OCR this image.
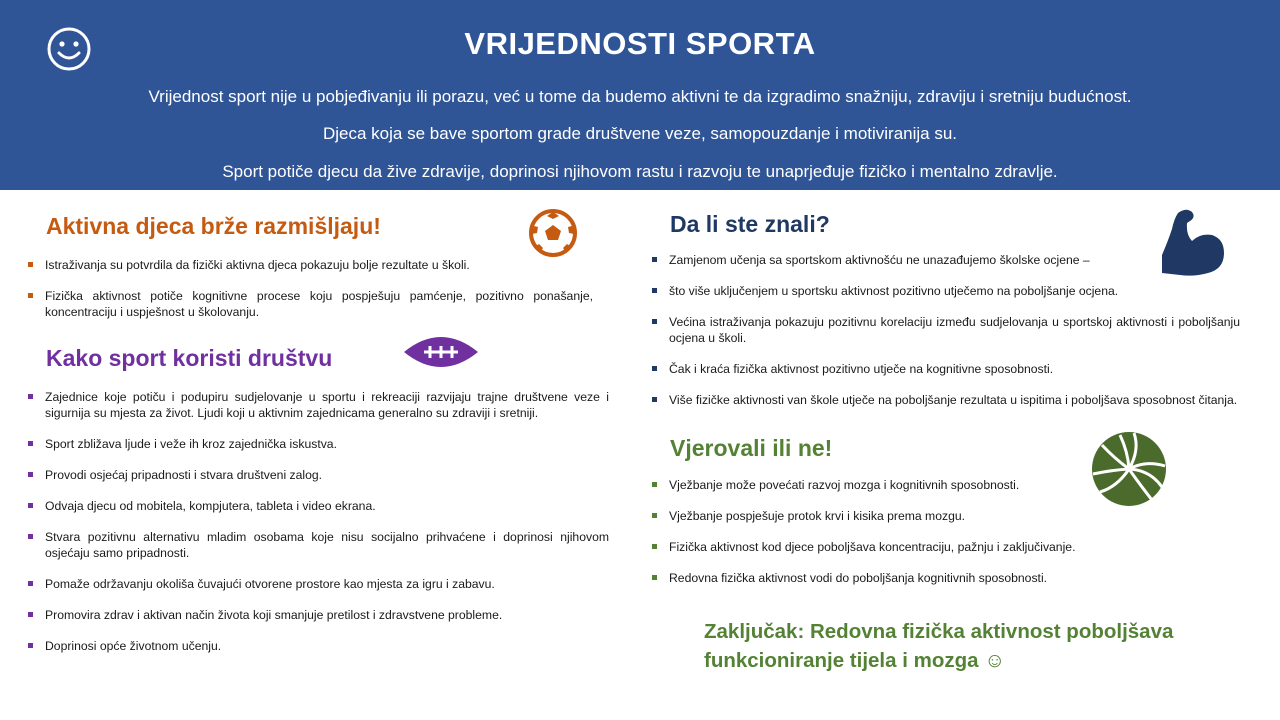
VRIJEDNOSTI SPORTA
Vrijednost sport nije u pobjeđivanju ili porazu, već u tome da budemo aktivni te da izgradimo snažniju, zdraviju i sretniju budućnost.
Djeca koja se bave sportom grade društvene veze, samopouzdanje i motiviranija su.
Sport potiče djecu da žive zdravije, doprinosi njihovom rastu i razvoju te unaprjeđuje fizičko i mentalno zdravlje.
Aktivna djeca brže razmišljaju!
Istraživanja su potvrdila da fizički aktivna djeca pokazuju bolje rezultate u školi.
Fizička aktivnost potiče kognitivne procese koju pospješuju pamćenje, pozitivno ponašanje, koncentraciju i uspješnost u školovanju.
Kako sport koristi društvu
Zajednice koje potiču i podupiru sudjelovanje u sportu i rekreaciji razvijaju trajne društvene veze i sigurnija su mjesta za život. Ljudi koji u aktivnim zajednicama generalno su zdraviji i sretniji.
Sport zbližava ljude i veže ih kroz zajednička iskustva.
Provodi osjećaj pripadnosti i stvara društveni zalog.
Odvaja djecu od mobitela, kompjutera, tableta i video ekrana.
Stvara pozitivnu alternativu mladim osobama koje nisu socijalno prihvaćene i doprinosi njihovom osjećaju samo pripadnosti.
Pomaže održavanju okoliša čuvajući otvorene prostore kao mjesta za igru i zabavu.
Promovira zdrav i aktivan način života koji smanjuje pretilost i zdravstvene probleme.
Doprinosi opće životnom učenju.
Da li ste znali?
Zamjenom učenja sa sportskom aktivnošću ne unazađujemo školske ocjene –
što više uključenjem u sportsku aktivnost pozitivno utječemo na poboljšanje ocjena.
Većina istraživanja pokazuju pozitivnu korelaciju između sudjelovanja u sportskoj aktivnosti i poboljšanju ocjena u školi.
Čak i kraća fizička aktivnost pozitivno utječe na kognitivne sposobnosti.
Više fizičke aktivnosti van škole utječe na poboljšanje rezultata u ispitima i poboljšava sposobnost čitanja.
Vjerovali ili ne!
Vježbanje može povećati razvoj mozga i kognitivnih sposobnosti.
Vježbanje pospješuje protok krvi i kisika prema mozgu.
Fizička aktivnost kod djece poboljšava koncentraciju, pažnju i zaključivanje.
Redovna fizička aktivnost vodi do poboljšanja kognitivnih sposobnosti.
Zaključak: Redovna fizička aktivnost poboljšava funkcioniranje tijela i mozga ☺
